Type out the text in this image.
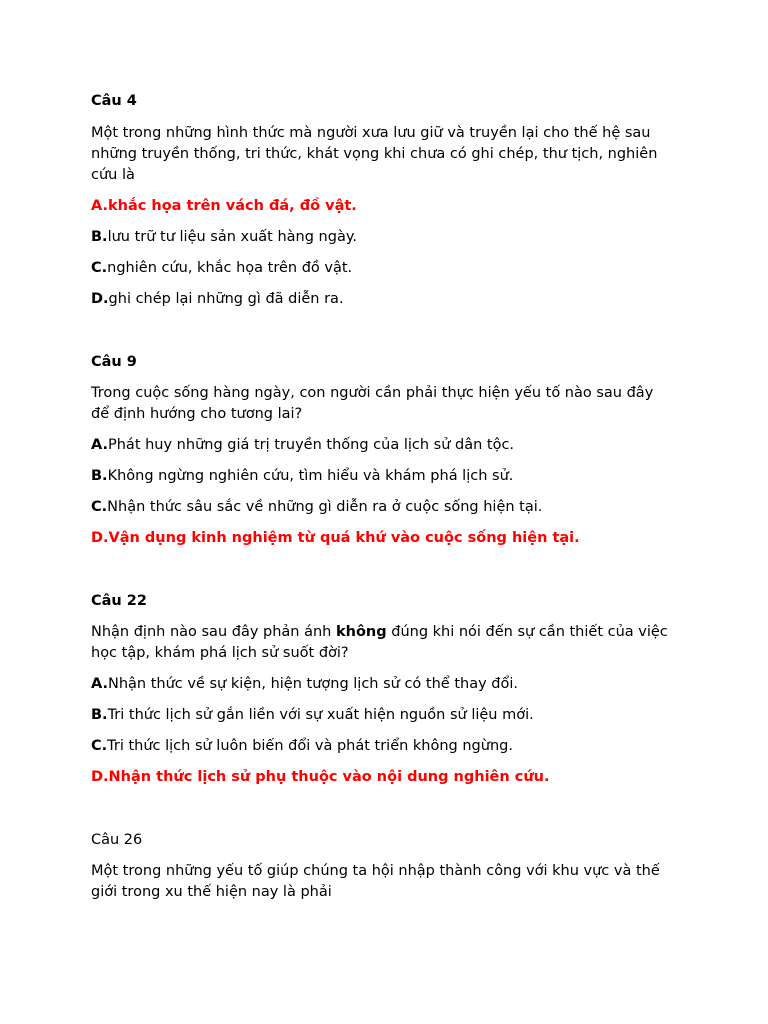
Câu 4
Một trong những hình thức mà người xưa lưu giữ và truyền lại cho thế hệ sau những truyền thống, tri thức, khát vọng khi chưa có ghi chép, thư tịch, nghiên cứu là
A.khắc họa trên vách đá, đồ vật.
B.lưu trữ tư liệu sản xuất hàng ngày.
C.nghiên cứu, khắc họa trên đồ vật.
D.ghi chép lại những gì đã diễn ra.
Câu 9
Trong cuộc sống hàng ngày, con người cần phải thực hiện yếu tố nào sau đây để định hướng cho tương lai?
A.Phát huy những giá trị truyền thống của lịch sử dân tộc.
B.Không ngừng nghiên cứu, tìm hiểu và khám phá lịch sử.
C.Nhận thức sâu sắc về những gì diễn ra ở cuộc sống hiện tại.
D.Vận dụng kinh nghiệm từ quá khứ vào cuộc sống hiện tại.
Câu 22
Nhận định nào sau đây phản ánh không đúng khi nói đến sự cần thiết của việc học tập, khám phá lịch sử suốt đời?
A.Nhận thức về sự kiện, hiện tượng lịch sử có thể thay đổi.
B.Tri thức lịch sử gắn liền với sự xuất hiện nguồn sử liệu mới.
C.Tri thức lịch sử luôn biến đổi và phát triển không ngừng.
D.Nhận thức lịch sử phụ thuộc vào nội dung nghiên cứu.
Câu 26
Một trong những yếu tố giúp chúng ta hội nhập thành công với khu vực và thế giới trong xu thế hiện nay là phải
